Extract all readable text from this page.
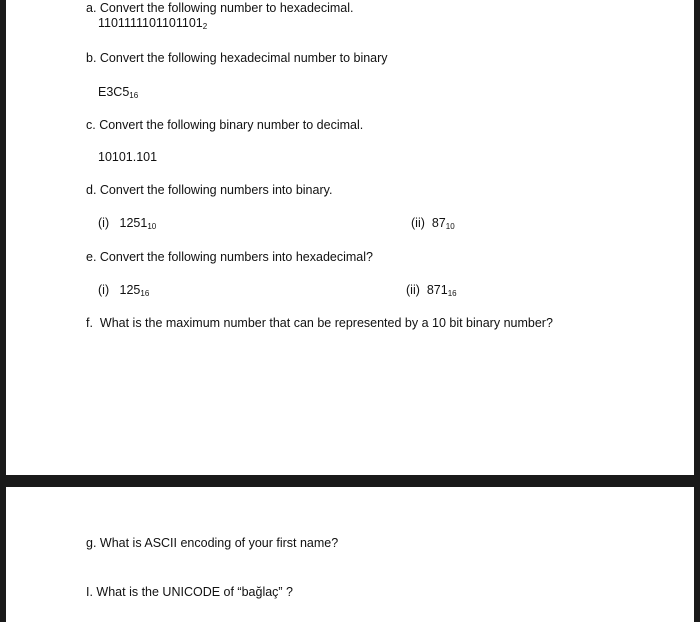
a. Convert the following number to hexadecimal.
$1101111101101101_2$
b. Convert the following hexadecimal number to binary
$E3C5_{16}$
c. Convert the following binary number to decimal.
10101.101
d. Convert the following numbers into binary.
(i) $1251_{10}$	(ii) $87_{10}$
e. Convert the following numbers into hexadecimal?
(i) $125_{16}$	(ii) $871_{16}$
f.  What is the maximum number that can be represented by a 10 bit binary number?
g. What is ASCII encoding of your first name?
I. What is the UNICODE of “bağlaç” ?
